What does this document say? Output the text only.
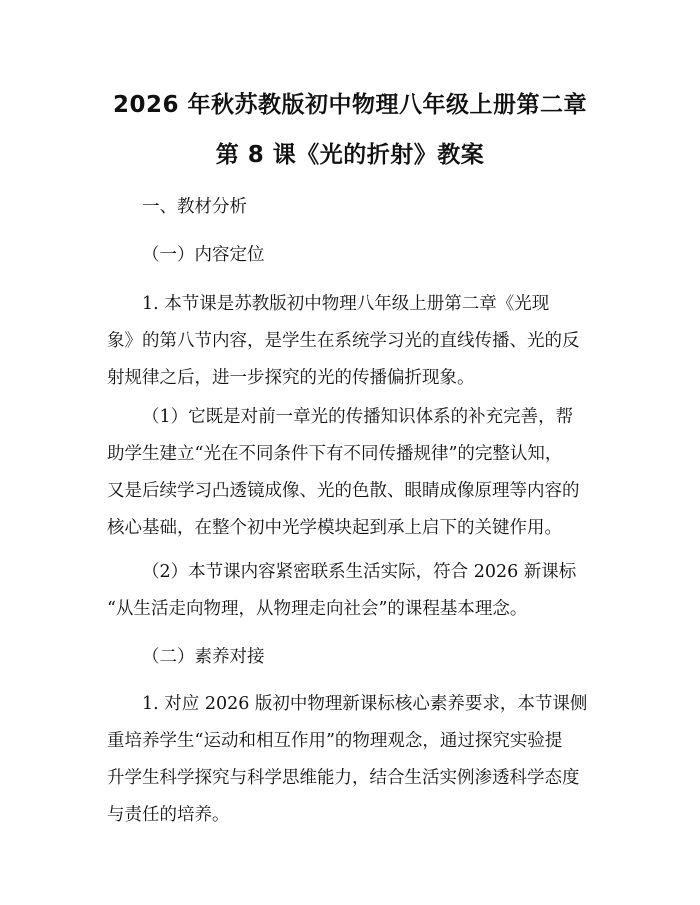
2026 年秋苏教版初中物理八年级上册第二章
第 8 课《光的折射》教案
一、教材分析
（一）内容定位
1. 本节课是苏教版初中物理八年级上册第二章《光现
象》的第八节内容，是学生在系统学习光的直线传播、光的反
射规律之后，进一步探究的光的传播偏折现象。
（1）它既是对前一章光的传播知识体系的补充完善，帮
助学生建立“光在不同条件下有不同传播规律”的完整认知，
又是后续学习凸透镜成像、光的色散、眼睛成像原理等内容的
核心基础，在整个初中光学模块起到承上启下的关键作用。
（2）本节课内容紧密联系生活实际，符合 2026 新课标
“从生活走向物理，从物理走向社会”的课程基本理念。
（二）素养对接
1. 对应 2026 版初中物理新课标核心素养要求，本节课侧
重培养学生“运动和相互作用”的物理观念，通过探究实验提
升学生科学探究与科学思维能力，结合生活实例渗透科学态度
与责任的培养。
